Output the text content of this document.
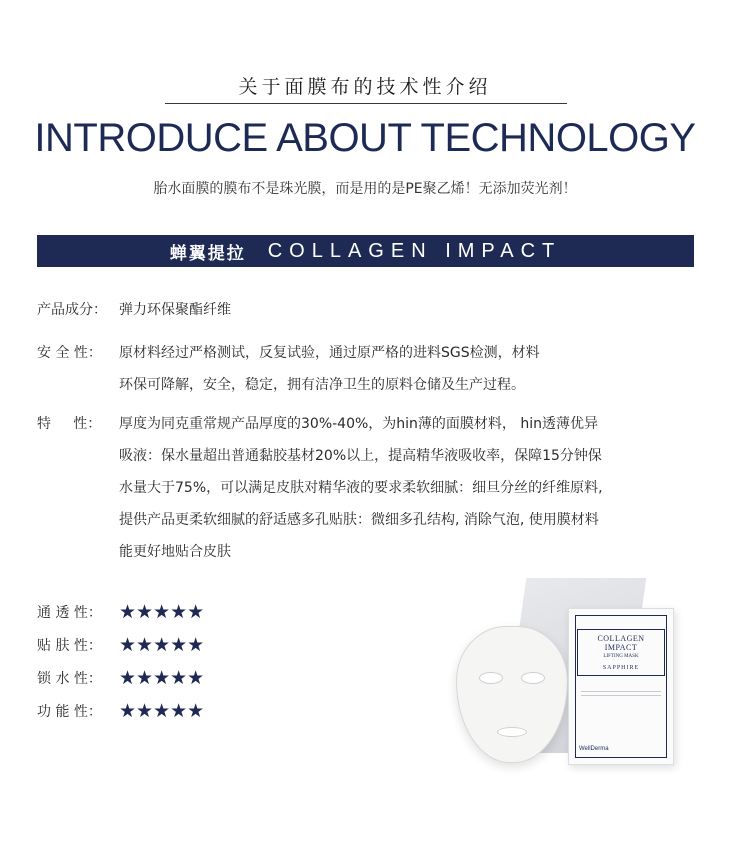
关于面膜布的技术性介绍
INTRODUCE ABOUT TECHNOLOGY
胎水面膜的膜布不是珠光膜，而是用的是PE聚乙烯！无添加荧光剂！
蝉翼提拉 COLLAGEN IMPACT
产品成分： 弹力环保聚酯纤维
安 全 性： 原材料经过严格测试，反复试验，通过原严格的进料SGS检测，材料
环保可降解，安全，稳定，拥有洁净卫生的原料仓储及生产过程。
特     性： 厚度为同克重常规产品厚度的30%-40%，为hin薄的面膜材料， hin透薄优异
吸液：保水量超出普通黏胶基材20%以上，提高精华液吸收率，保障15分钟保
水量大于75%，可以满足皮肤对精华液的要求柔软细腻：细旦分丝的纤维原料,
提供产品更柔软细腻的舒适感多孔贴肤：微细多孔结构, 消除气泡, 使用膜材料
能更好地贴合皮肤
通 透 性： ★★★★★
贴 肤 性： ★★★★★
锁 水 性： ★★★★★
功 能 性： ★★★★★
COLLAGEN IMPACT
LIFTING MASK
SAPPHIRE
WellDerma
